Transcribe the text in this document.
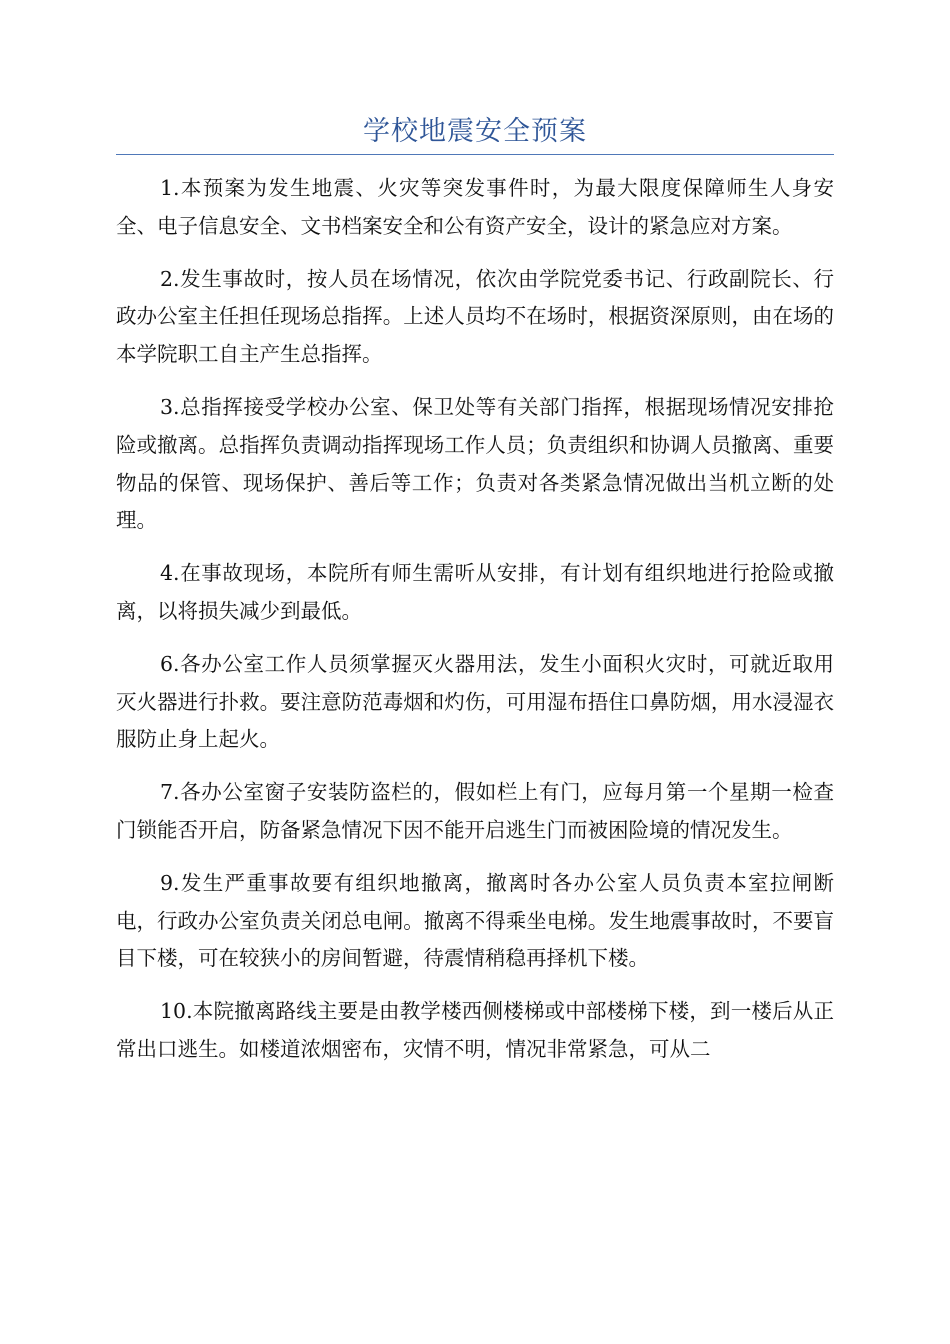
学校地震安全预案

1.本预案为发生地震、火灾等突发事件时，为最大限度保障师生人身安全、电子信息安全、文书档案安全和公有资产安全，设计的紧急应对方案。

2.发生事故时，按人员在场情况，依次由学院党委书记、行政副院长、行政办公室主任担任现场总指挥。上述人员均不在场时，根据资深原则，由在场的本学院职工自主产生总指挥。

3.总指挥接受学校办公室、保卫处等有关部门指挥，根据现场情况安排抢险或撤离。总指挥负责调动指挥现场工作人员；负责组织和协调人员撤离、重要物品的保管、现场保护、善后等工作；负责对各类紧急情况做出当机立断的处理。

4.在事故现场，本院所有师生需听从安排，有计划有组织地进行抢险或撤离，以将损失减少到最低。

6.各办公室工作人员须掌握灭火器用法，发生小面积火灾时，可就近取用灭火器进行扑救。要注意防范毒烟和灼伤，可用湿布捂住口鼻防烟，用水浸湿衣服防止身上起火。

7.各办公室窗子安装防盗栏的，假如栏上有门，应每月第一个星期一检查门锁能否开启，防备紧急情况下因不能开启逃生门而被困险境的情况发生。

9.发生严重事故要有组织地撤离，撤离时各办公室人员负责本室拉闸断电，行政办公室负责关闭总电闸。撤离不得乘坐电梯。发生地震事故时，不要盲目下楼，可在较狭小的房间暂避，待震情稍稳再择机下楼。

10.本院撤离路线主要是由教学楼西侧楼梯或中部楼梯下楼，到一楼后从正常出口逃生。如楼道浓烟密布，灾情不明，情况非常紧急，可从二
